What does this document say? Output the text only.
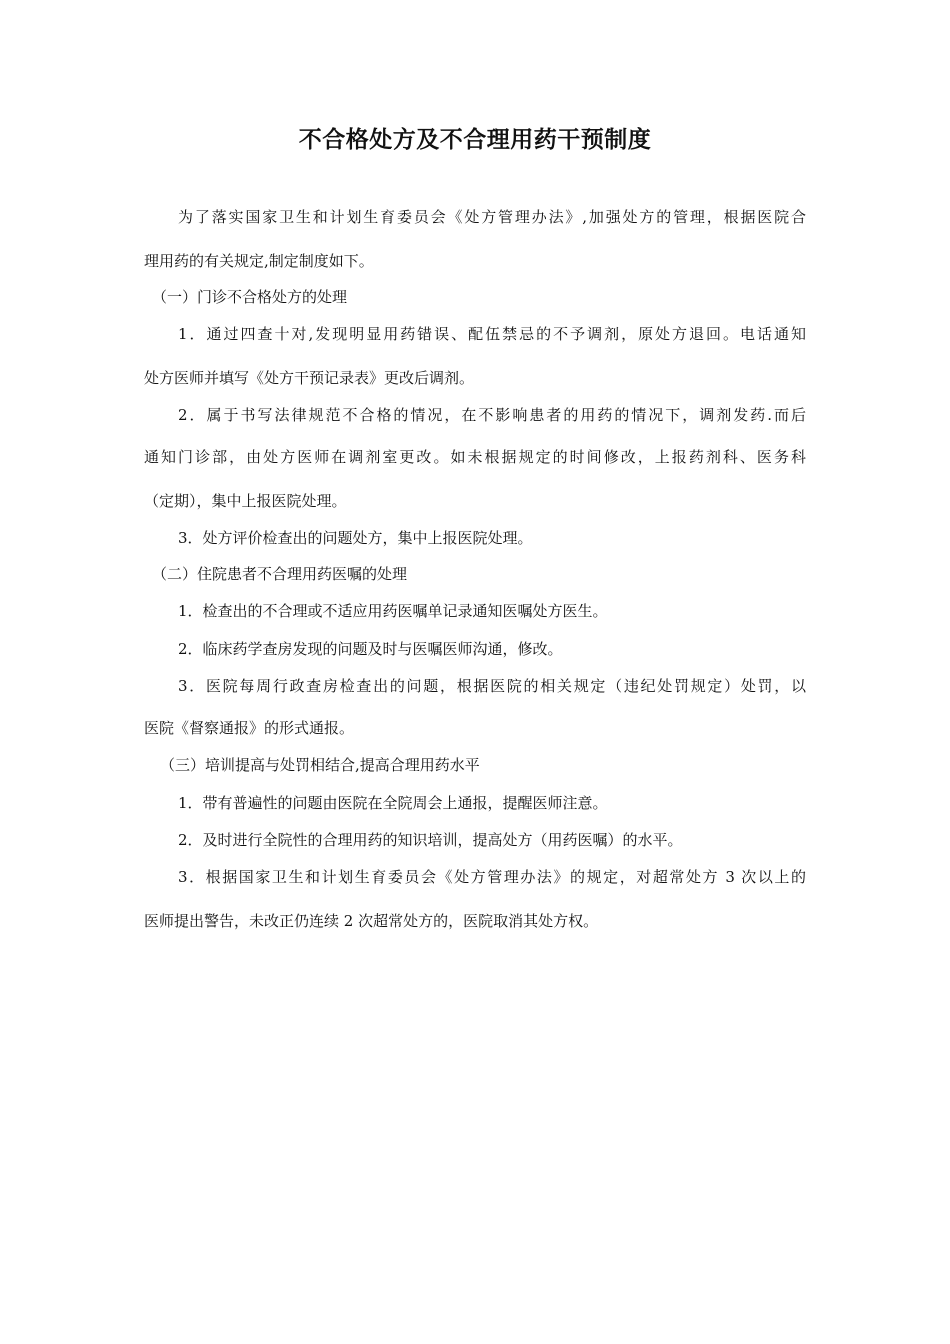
不合格处方及不合理用药干预制度

为了落实国家卫生和计划生育委员会《处方管理办法》,加强处方的管理，根据医院合

理用药的有关规定,制定制度如下。

（一）门诊不合格处方的处理

1．通过四查十对,发现明显用药错误、配伍禁忌的不予调剂，原处方退回。电话通知

处方医师并填写《处方干预记录表》更改后调剂。

2．属于书写法律规范不合格的情况，在不影响患者的用药的情况下，调剂发药.而后

通知门诊部，由处方医师在调剂室更改。如未根据规定的时间修改，上报药剂科、医务科

（定期），集中上报医院处理。

3．处方评价检查出的问题处方，集中上报医院处理。

（二）住院患者不合理用药医嘱的处理

1．检查出的不合理或不适应用药医嘱单记录通知医嘱处方医生。

2．临床药学查房发现的问题及时与医嘱医师沟通，修改。

3．医院每周行政查房检查出的问题，根据医院的相关规定（违纪处罚规定）处罚，以

医院《督察通报》的形式通报。

（三）培训提高与处罚相结合,提高合理用药水平

1．带有普遍性的问题由医院在全院周会上通报，提醒医师注意。

2．及时进行全院性的合理用药的知识培训，提高处方（用药医嘱）的水平。

3．根据国家卫生和计划生育委员会《处方管理办法》的规定，对超常处方 3 次以上的

医师提出警告，未改正仍连续 2 次超常处方的，医院取消其处方权。
